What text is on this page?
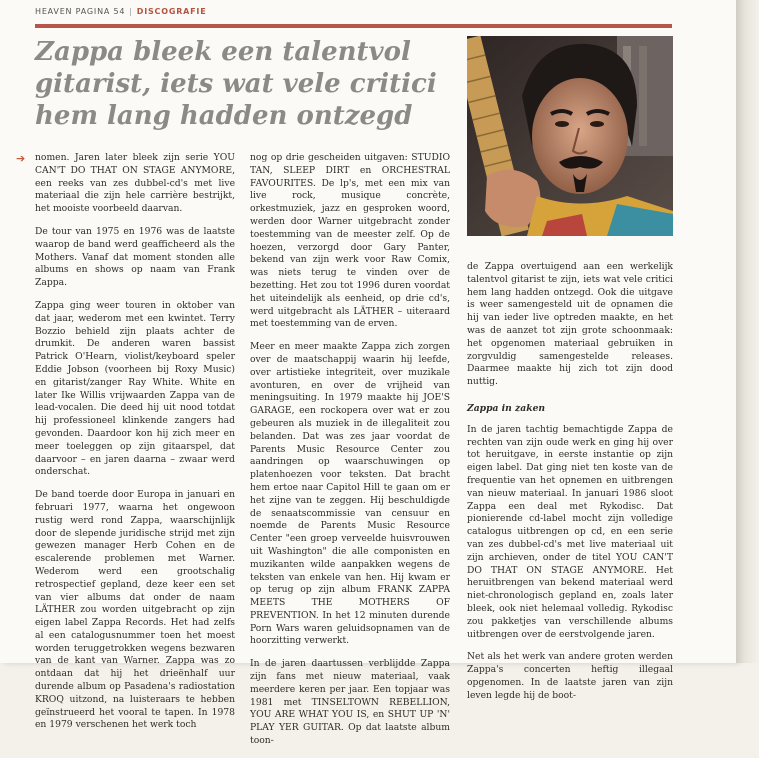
HEAVEN PAGINA 54 | DISCOGRAFIE
Zappa bleek een talentvol gitarist, iets wat vele critici hem lang hadden ontzegd
➔ nomen. Jaren later bleek zijn serie YOU CAN'T DO THAT ON STAGE ANYMORE, een reeks van zes dubbel-cd's met live materiaal die zijn hele carrière bestrijkt, het mooiste voorbeeld daarvan.

De tour van 1975 en 1976 was de laatste waarop de band werd geaffiche‌erd als the Mothers. Vanaf dat moment stonden alle albums en shows op naam van Frank Zappa.

Zappa ging weer touren in oktober van dat jaar, wederom met een kwintet. Terry Bozzio behield zijn plaats achter de drumkit. De anderen waren bassist Patrick O'Hearn, violist/keyboard speler Eddie Jobson (voorheen bij Roxy Music) en gitarist/zanger Ray White. White en later Ike Willis vrijwaarden Zappa van de lead-vocalen. Die deed hij uit nood totdat hij professioneel klinkende zangers had gevonden. Daardoor kon hij zich meer en meer toeleggen op zijn gitaarspel, dat daarvoor – en jaren daarna – zwaar werd onderschat.

De band toerde door Europa in januari en februari 1977, waarna het ongewoon rustig werd rond Zappa, waarschijnlijk door de slepende juridische strijd met zijn gewezen manager Herb Cohen en de escalerende problemen met Warner. Wederom werd een grootschalig retrospectief gepland, deze keer een set van vier albums dat onder de naam LÄTHER zou worden uitgebracht op zijn eigen label Zappa Records. Het had zelfs al een catalogusnummer toen het moest worden teruggetrokken wegens bezwaren van de kant van Warner. Zappa was zo ontdaan dat hij het drieënhalf uur durende album op Pasadena's radiostation KROQ uitzond, na luisteraars te hebben geïnstrueerd het vooral te tapen. In 1978 en 1979 verschenen het werk toch

nog op drie gescheiden uitgaven: STUDIO TAN, SLEEP DIRT en ORCHESTRAL FAVOURITES. De lp's, met een mix van live rock, musique concrète, orkestmuziek, jazz en gesproken woord, werden door Warner uitgebracht zonder toestemming van de meester zelf. Op de hoezen, verzorgd door Gary Panter, bekend van zijn werk voor Raw Comix, was niets terug te vinden over de bezetting. Het zou tot 1996 duren voordat het uiteindelijk als eenheid, op drie cd's, werd uitgebracht als LÄTHER – uiteraard met toestemming van de erven.

Meer en meer maakte Zappa zich zorgen over de maatschappij waarin hij leefde, over artistieke integriteit, over muzikale avonturen, en over de vrijheid van meningsuiting. In 1979 maakte hij JOE'S GARAGE, een rockopera over wat er zou gebeuren als muziek in de illegaliteit zou belanden. Dat was zes jaar voordat de Parents Music Resource Center zou aandringen op waarschuwingen op platenhoezen voor teksten. Dat bracht hem ertoe naar Capitol Hill te gaan om er het zijne van te zeggen. Hij beschuldigde de senaatscommissie van censuur en noemde de Parents Music Resource Center "een groep verveelde huisvrouwen uit Washington" die alle componisten en muzikanten wilde aanpakken wegens de teksten van enkele van hen. Hij kwam er op terug op zijn album FRANK ZAPPA MEETS THE MOTHERS OF PREVENTION. In het 12 minuten durende Porn Wars waren geluidsopnamen van de hoorzitting verwerkt.

In de jaren daartussen verblijdde Zappa zijn fans met nieuw materiaal, vaak meerdere keren per jaar. Een topjaar was 1981 met TINSELTOWN REBELLION, YOU ARE WHAT YOU IS, en SHUT UP 'N' PLAY YER GUITAR. Op dat laatste album toon-

de Zappa overtuigend aan een werkelijk talentvol gitarist te zijn, iets wat vele critici hem lang hadden ontzegd. Ook die uitgave is weer samengesteld uit de opnamen die hij van ieder live optreden maakte, en het was de aanzet tot zijn grote schoonmaak: het opgenomen materiaal gebruiken in zorgvuldig samengestelde releases. Daarmee maakte hij zich tot zijn dood nuttig.

Zappa in zaken

In de jaren tachtig bemachtigde Zappa de rechten van zijn oude werk en ging hij over tot heruitgave, in eerste instantie op zijn eigen label. Dat ging niet ten koste van de frequentie van het opnemen en uitbrengen van nieuw materiaal. In januari 1986 sloot Zappa een deal met Rykodisc. Dat pionierende cd-label mocht zijn volledige catalogus uitbrengen op cd, en een serie van zes dubbel-cd's met live materiaal uit zijn archieven, onder de titel YOU CAN'T DO THAT ON STAGE ANYMORE. Het heruitbrengen van bekend materiaal werd niet-chronologisch gepland en, zoals later bleek, ook niet helemaal volledig. Rykodisc zou pakketjes van verschillende albums uitbrengen over de eerstvolgende jaren.

Net als het werk van andere groten werden Zappa's concerten heftig illegaal opgenomen. In de laatste jaren van zijn leven legde hij de boot-
